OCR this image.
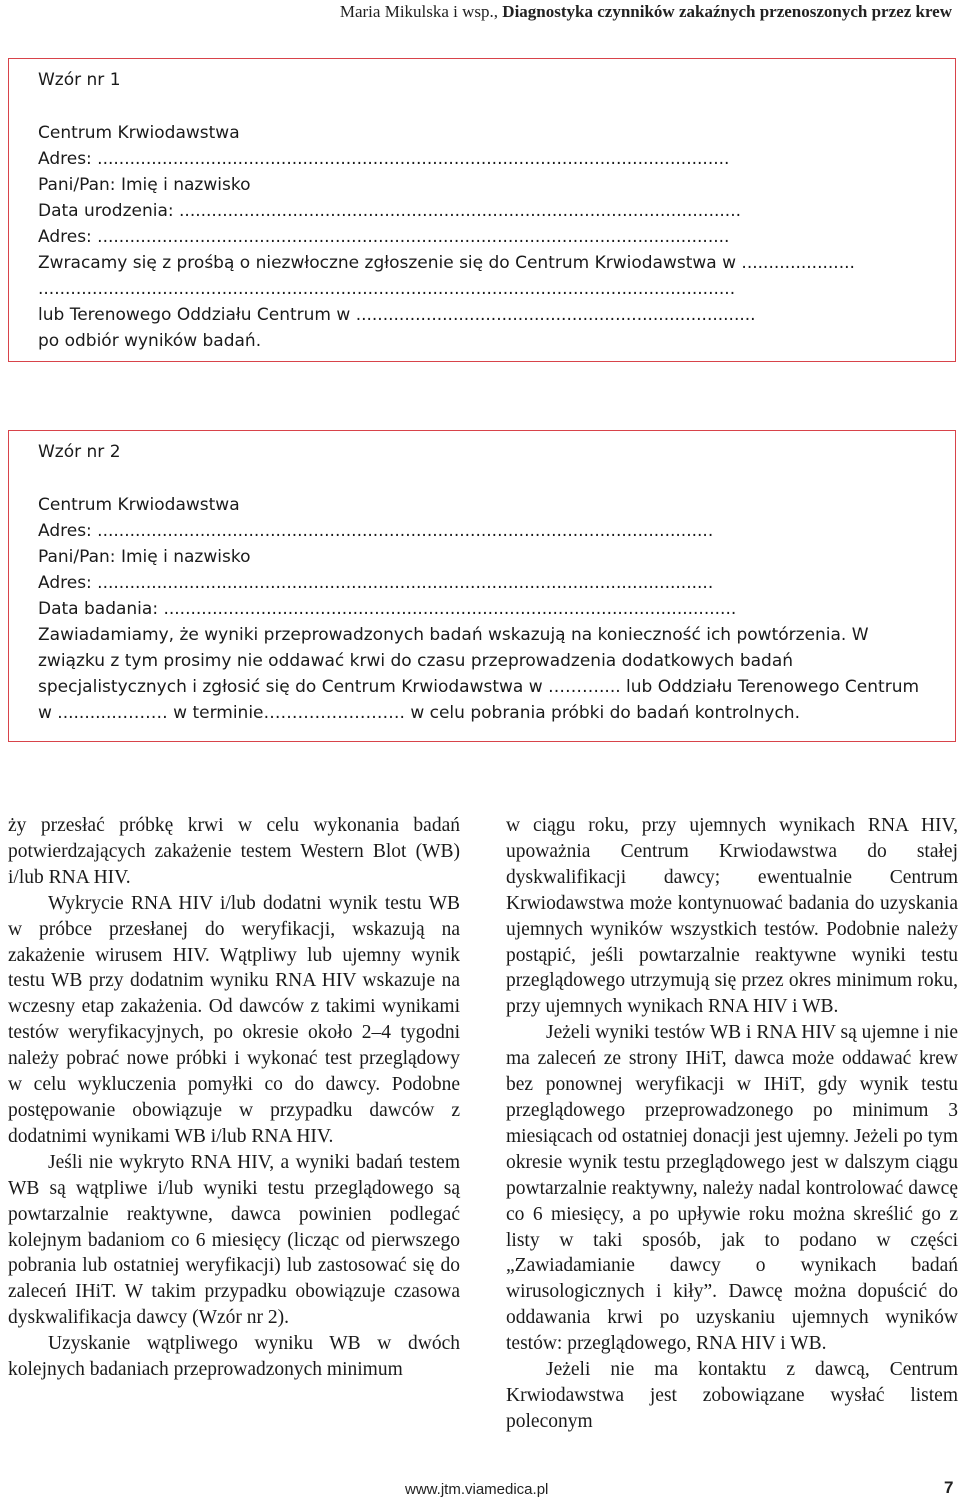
Maria Mikulska i wsp., Diagnostyka czynników zakaźnych przenoszonych przez krew
Wzór nr 1
Centrum Krwiodawstwa
Adres: .....................................................................................................................
Pani/Pan: Imię i nazwisko
Data urodzenia: ........................................................................................................
Adres: .....................................................................................................................
Zwracamy się z prośbą o niezwłoczne zgłoszenie się do Centrum Krwiodawstwa w .....................
.................................................................................................................................
lub Terenowego Oddziału Centrum w ..........................................................................
po odbiór wyników badań.
Wzór nr 2
Centrum Krwiodawstwa
Adres: ..................................................................................................................
Pani/Pan: Imię i nazwisko
Adres: ..................................................................................................................
Data badania: ..........................................................................................................
Zawiadamiamy, że wyniki przeprowadzonych badań wskazują na konieczność ich powtórzenia. W związku z tym prosimy nie oddawać krwi do czasu przeprowadzenia dodatkowych badań specjalistycznych i zgłosić się do Centrum Krwiodawstwa w ……….... lub Oddziału Terenowego Centrum w ...........……… w terminie……………………. w celu pobrania próbki do badań kontrolnych.

ży przesłać próbkę krwi w celu wykonania badań potwierdzających zakażenie testem Western Blot (WB) i/lub RNA HIV.

Wykrycie RNA HIV i/lub dodatni wynik testu WB w próbce przesłanej do weryfikacji, wskazują na zakażenie wirusem HIV. Wątpliwy lub ujemny wynik testu WB przy dodatnim wyniku RNA HIV wskazuje na wczesny etap zakażenia. Od dawców z takimi wynikami testów weryfikacyjnych, po okresie około 2–4 tygodni należy pobrać nowe próbki i wykonać test przeglądowy w celu wykluczenia pomyłki co do dawcy. Podobne postępowanie obowiązuje w przypadku dawców z dodatnimi wynikami WB i/lub RNA HIV.

Jeśli nie wykryto RNA HIV, a wyniki badań testem WB są wątpliwe i/lub wyniki testu przeglądowego są powtarzalnie reaktywne, dawca powinien podlegać kolejnym badaniom co 6 miesięcy (licząc od pierwszego pobrania lub ostatniej weryfikacji) lub zastosować się do zaleceń IHiT. W takim przypadku obowiązuje czasowa dyskwalifikacja dawcy (Wzór nr 2).

Uzyskanie wątpliwego wyniku WB w dwóch kolejnych badaniach przeprowadzonych minimum

w ciągu roku, przy ujemnych wynikach RNA HIV, upoważnia Centrum Krwiodawstwa do stałej dyskwalifikacji dawcy; ewentualnie Centrum Krwiodawstwa może kontynuować badania do uzyskania ujemnych wyników wszystkich testów. Podobnie należy postąpić, jeśli powtarzalnie reaktywne wyniki testu przeglądowego utrzymują się przez okres minimum roku, przy ujemnych wynikach RNA HIV i WB.

Jeżeli wyniki testów WB i RNA HIV są ujemne i nie ma zaleceń ze strony IHiT, dawca może oddawać krew bez ponownej weryfikacji w IHiT, gdy wynik testu przeglądowego przeprowadzonego po minimum 3 miesiącach od ostatniej donacji jest ujemny. Jeżeli po tym okresie wynik testu przeglądowego jest w dalszym ciągu powtarzalnie reaktywny, należy nadal kontrolować dawcę co 6 miesięcy, a po upływie roku można skreślić go z listy w taki sposób, jak to podano w części „Zawiadamianie dawcy o wynikach badań wirusologicznych i kiły”. Dawcę można dopuścić do oddawania krwi po uzyskaniu ujemnych wyników testów: przeglądowego, RNA HIV i WB.

Jeżeli nie ma kontaktu z dawcą, Centrum Krwiodawstwa jest zobowiązane wysłać listem poleconym

www.jtm.viamedica.pl	7
